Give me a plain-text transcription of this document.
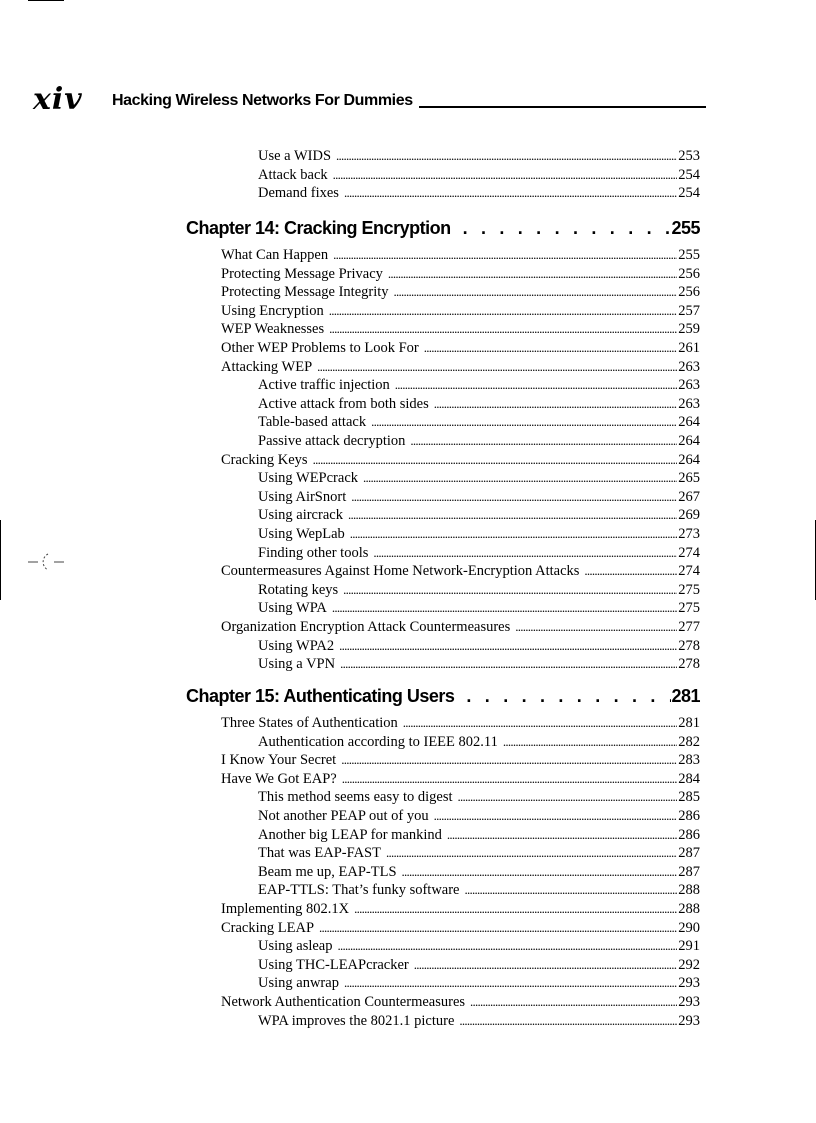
xiv Hacking Wireless Networks For Dummies
Use a WIDS . . .	253
Attack back . . .	254
Demand fixes . . .	254
Chapter 14: Cracking Encryption . . .	255
What Can Happen . . .	255
Protecting Message Privacy . . .	256
Protecting Message Integrity . . .	256
Using Encryption . . .	257
WEP Weaknesses . . .	259
Other WEP Problems to Look For . . .	261
Attacking WEP . . .	263
Active traffic injection . . .	263
Active attack from both sides . . .	263
Table-based attack . . .	264
Passive attack decryption . . .	264
Cracking Keys . . .	264
Using WEPcrack . . .	265
Using AirSnort . . .	267
Using aircrack . . .	269
Using WepLab . . .	273
Finding other tools . . .	274
Countermeasures Against Home Network-Encryption Attacks . . .	274
Rotating keys . . .	275
Using WPA . . .	275
Organization Encryption Attack Countermeasures . . .	277
Using WPA2 . . .	278
Using a VPN . . .	278
Chapter 15: Authenticating Users . . .	281
Three States of Authentication . . .	281
Authentication according to IEEE 802.11 . . .	282
I Know Your Secret . . .	283
Have We Got EAP? . . .	284
This method seems easy to digest . . .	285
Not another PEAP out of you . . .	286
Another big LEAP for mankind . . .	286
That was EAP-FAST . . .	287
Beam me up, EAP-TLS . . .	287
EAP-TTLS: That’s funky software . . .	288
Implementing 802.1X . . .	288
Cracking LEAP . . .	290
Using asleap . . .	291
Using THC-LEAPcracker . . .	292
Using anwrap . . .	293
Network Authentication Countermeasures . . .	293
WPA improves the 8021.1 picture . . .	293
